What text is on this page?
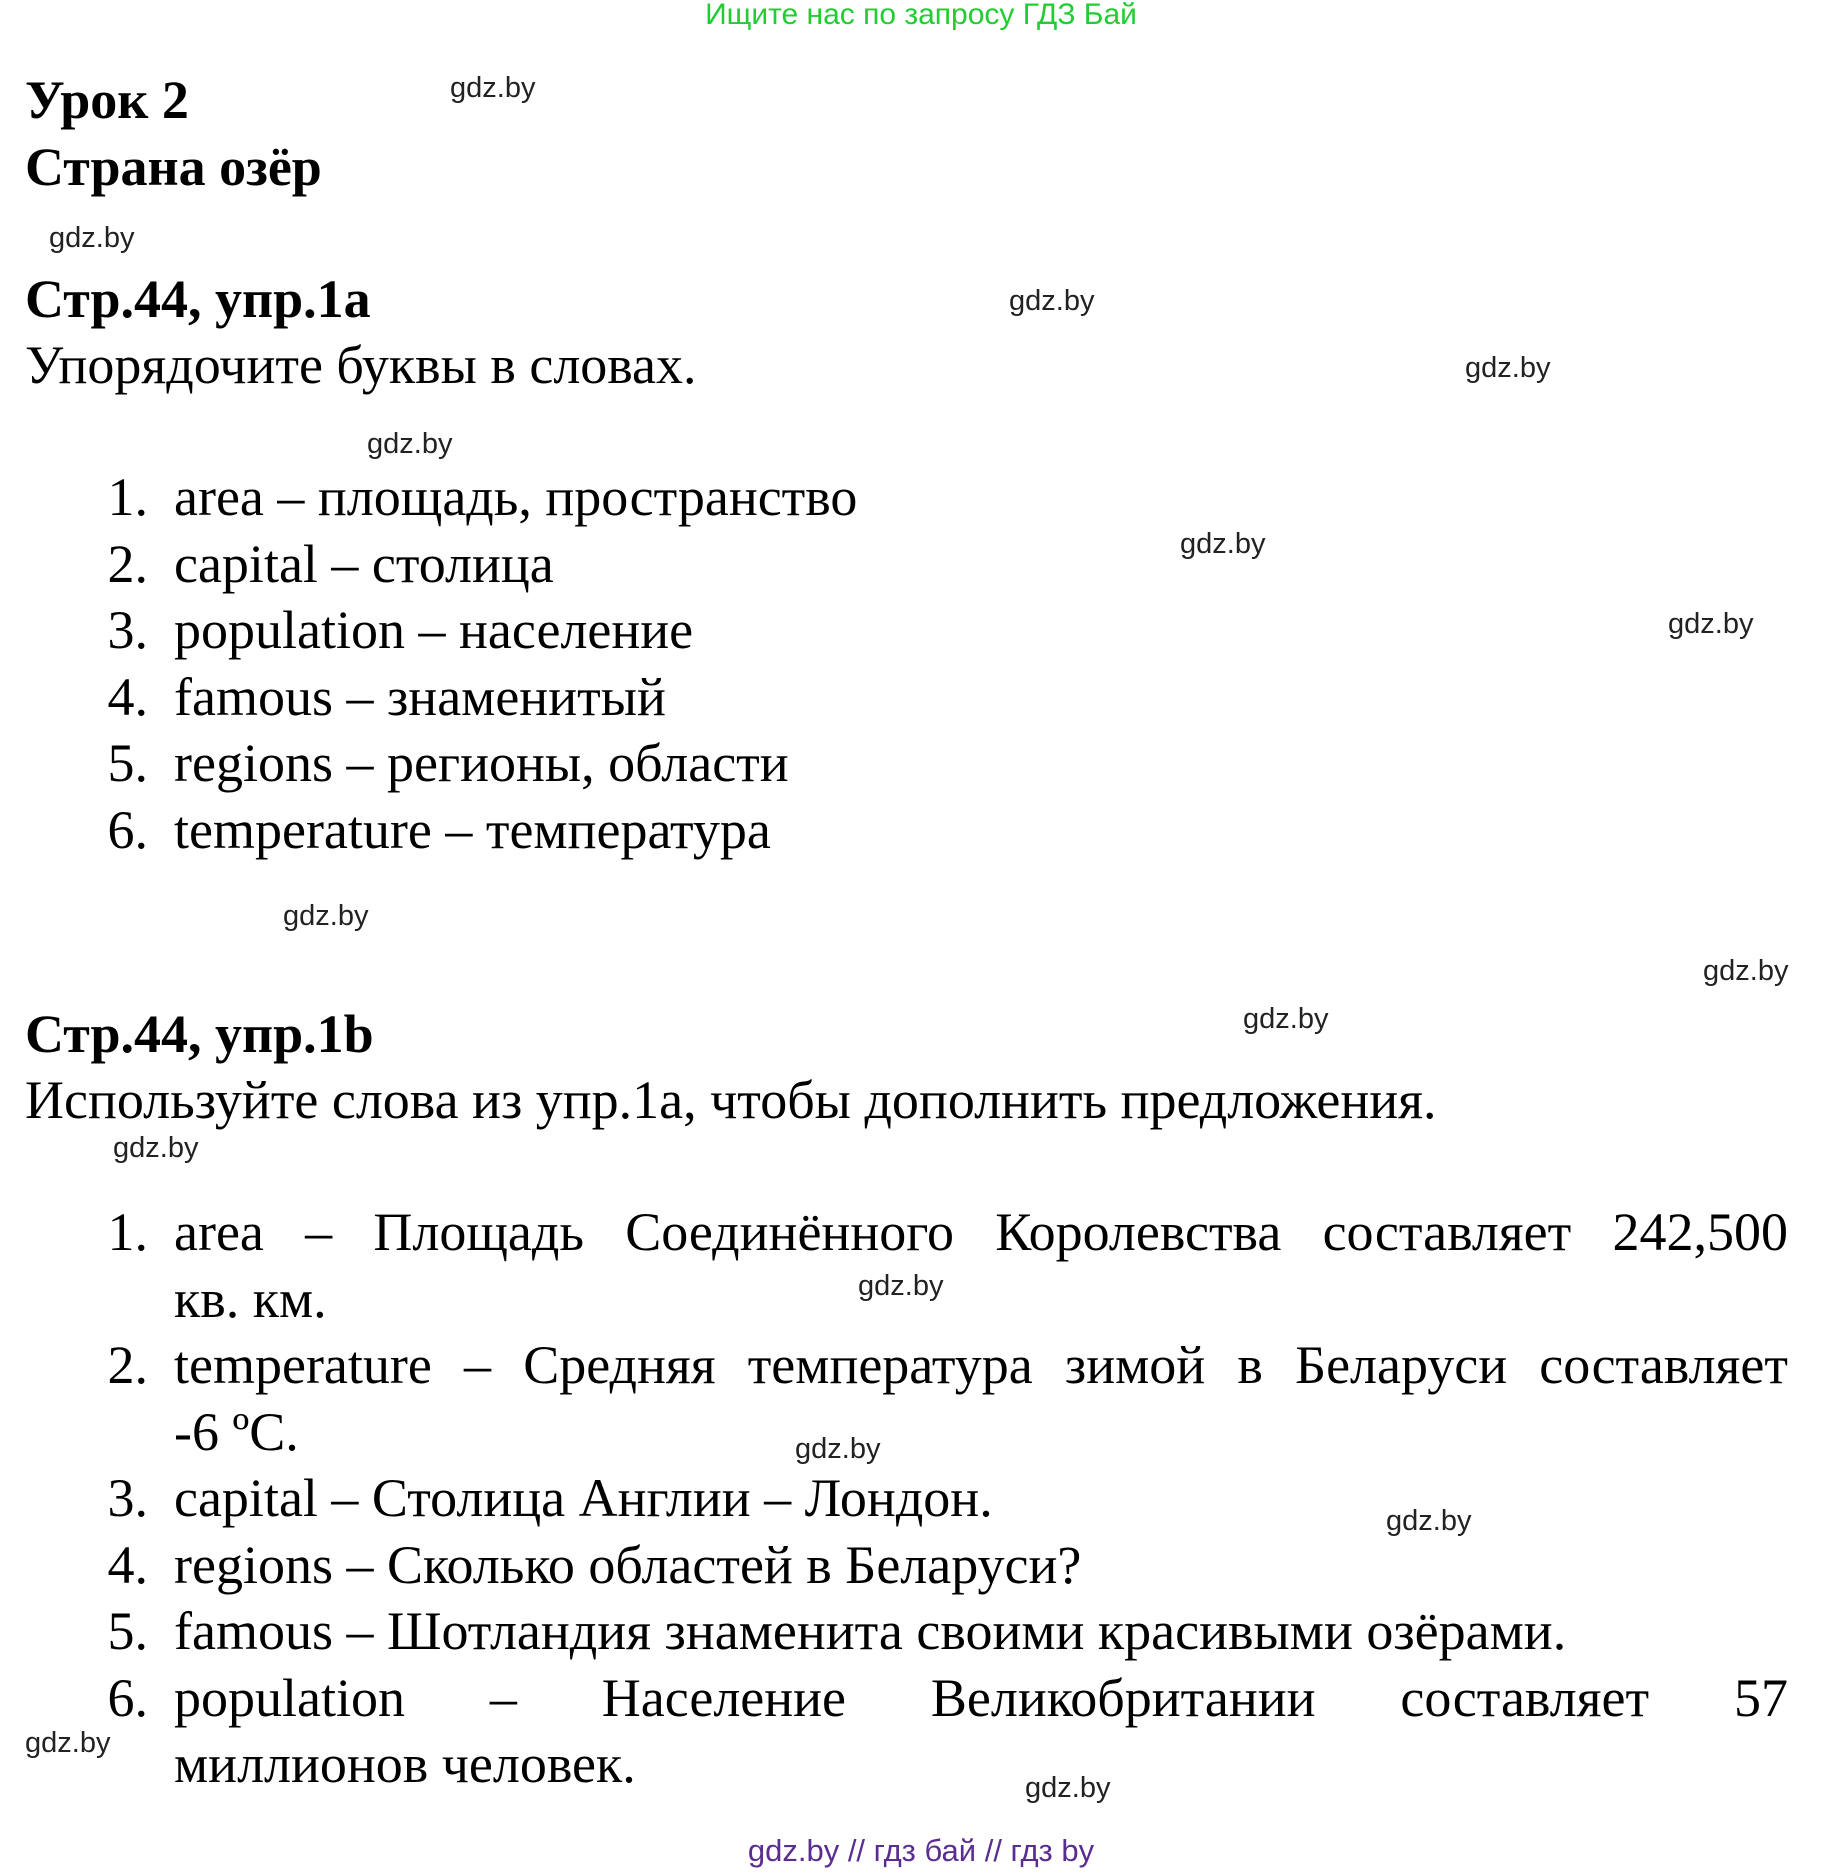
Ищите нас по запросу ГДЗ Бай
Урок 2
Страна озёр
Стр.44, упр.1a
Упорядочите буквы в словах.
1. area – площадь, пространство
2. capital – столица
3. population – население
4. famous – знаменитый
5. regions – регионы, области
6. temperature – температура
Стр.44, упр.1b
Используйте слова из упр.1a, чтобы дополнить предложения.
1. area – Площадь Соединённого Королевства составляет 242,500
кв. км.
2. temperature – Средняя температура зимой в Беларуси составляет
-6 ºC.
3. capital – Столица Англии – Лондон.
4. regions – Сколько областей в Беларуси?
5. famous – Шотландия знаменита своими красивыми озёрами.
6. population – Население Великобритании составляет 57
миллионов человек.
gdz.by
gdz.by
gdz.by
gdz.by
gdz.by
gdz.by
gdz.by
gdz.by
gdz.by
gdz.by
gdz.by
gdz.by
gdz.by
gdz.by
gdz.by
gdz.by
gdz.by // гдз бай // гдз by
